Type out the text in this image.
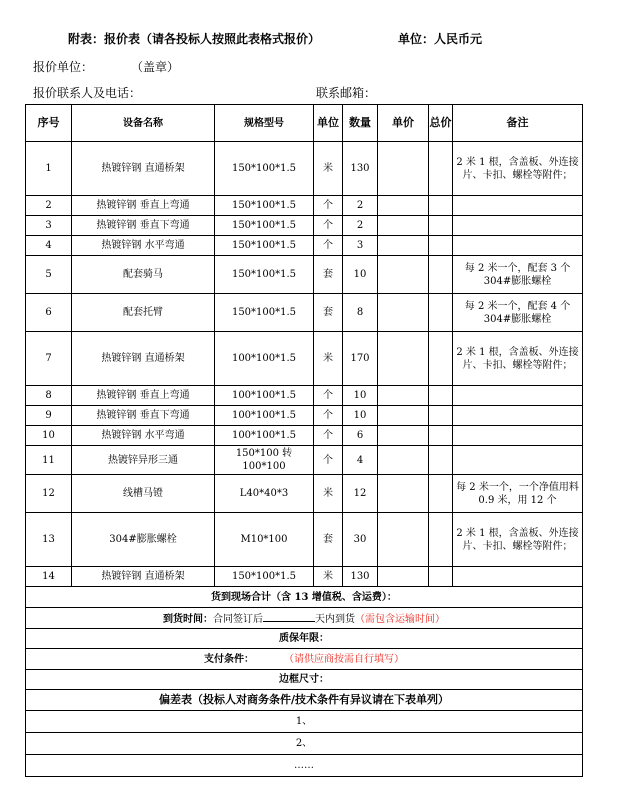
附表：报价表（请各投标人按照此表格式报价）	单位：人民币元
报价单位：	（盖章）
报价联系人及电话：	联系邮箱：
序号	设备名称	规格型号	单位	数量	单价	总价	备注
1	热镀锌钢 直通桥架	150*100*1.5	米	130			2 米 1 根，含盖板、外连接片、卡扣、螺栓等附件；
2	热镀锌钢 垂直上弯通	150*100*1.5	个	2			
3	热镀锌钢 垂直下弯通	150*100*1.5	个	2			
4	热镀锌钢 水平弯通	150*100*1.5	个	3			
5	配套骑马	150*100*1.5	套	10			每 2 米一个，配套 3 个 304#膨胀螺栓
6	配套托臂	150*100*1.5	套	8			每 2 米一个，配套 4 个 304#膨胀螺栓
7	热镀锌钢 直通桥架	100*100*1.5	米	170			2 米 1 根，含盖板、外连接片、卡扣、螺栓等附件；
8	热镀锌钢 垂直上弯通	100*100*1.5	个	10			
9	热镀锌钢 垂直下弯通	100*100*1.5	个	10			
10	热镀锌钢 水平弯通	100*100*1.5	个	6			
11	热镀锌异形三通	150*100 转 100*100	个	4			
12	线槽马镫	L40*40*3	米	12			每 2 米一个，一个净值用料 0.9 米，用 12 个
13	304#膨胀螺栓	M10*100	套	30			2 米 1 根，含盖板、外连接片、卡扣、螺栓等附件；
14	热镀锌钢 直通桥架	150*100*1.5	米	130			
货到现场合计（含 13 增值税、含运费）：							
到货时间：合同签订后 天内到货（需包含运输时间）							
质保年限：							
支付条件： （请供应商按需自行填写）							
边框尺寸：							
偏差表（投标人对商务条件/技术条件有异议请在下表单列）							
1、							
2、							
……							
